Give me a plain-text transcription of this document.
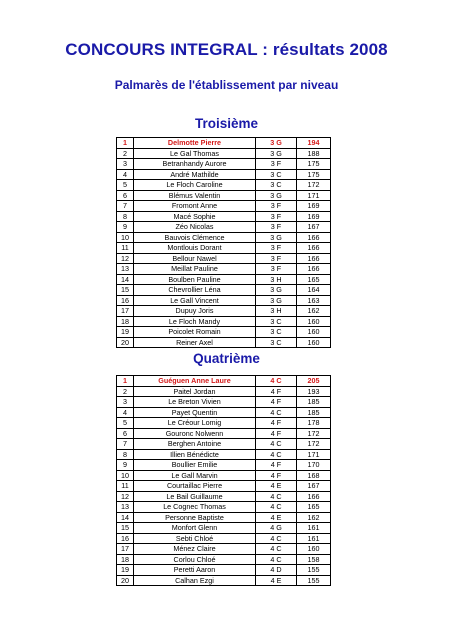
CONCOURS INTEGRAL : résultats 2008
Palmarès de l'établissement par niveau
Troisième
1	Delmotte Pierre	3 G	194
2	Le Gal Thomas	3 G	188
3	Betranhandy Aurore	3 F	175
4	André Mathilde	3 C	175
5	Le Floch Caroline	3 C	172
6	Blémus Valentin	3 G	171
7	Fromont Anne	3 F	169
8	Macé Sophie	3 F	169
9	Zéo Nicolas	3 F	167
10	Bauvois Clémence	3 G	166
11	Montlouis Dorant	3 F	166
12	Bellour Nawel	3 F	166
13	Meillat Pauline	3 F	166
14	Boulben Pauline	3 H	165
15	Chevrollier Léna	3 G	164
16	Le Gall Vincent	3 G	163
17	Dupuy Joris	3 H	162
18	Le Floch Mandy	3 C	160
19	Poicolet Romain	3 C	160
20	Reiner Axel	3 C	160
Quatrième
1	Guéguen Anne Laure	4 C	205
2	Paitel Jordan	4 F	193
3	Le Breton Vivien	4 F	185
4	Payet Quentin	4 C	185
5	Le Créour Lomig	4 F	178
6	Gouronc Nolwenn	4 F	172
7	Berghen Antoine	4 C	172
8	Illien Bénédicte	4 C	171
9	Boullier Emilie	4 F	170
10	Le Gall Marvin	4 F	168
11	Courtaillac Pierre	4 E	167
12	Le Bail Guillaume	4 C	166
13	Le Cognec Thomas	4 C	165
14	Personne Baptiste	4 E	162
15	Monfort Glenn	4 G	161
16	Sebti Chloé	4 C	161
17	Ménez Claire	4 C	160
18	Corlou Chloé	4 C	158
19	Peretti Aaron	4 D	155
20	Calhan Ezgi	4 E	155
